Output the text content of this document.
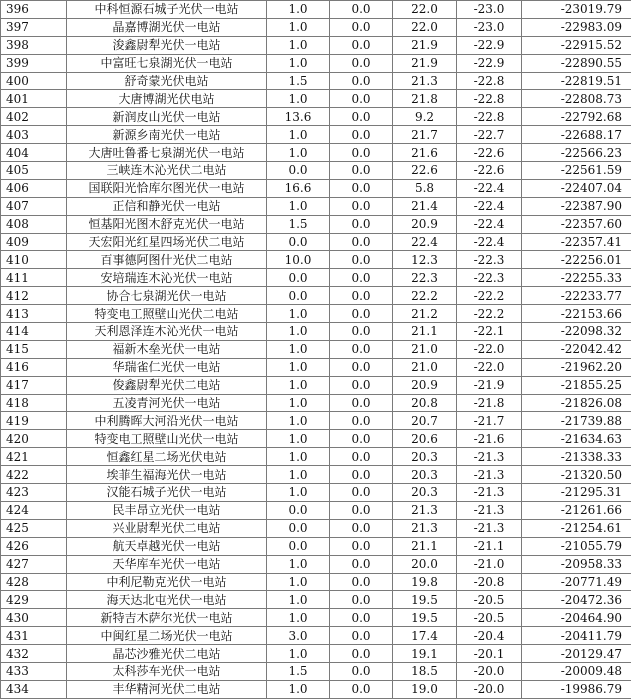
396	中科恒源石城子光伏一电站	1.0	0.0	22.0	-23.0	-23019.79
397	晶嘉博湖光伏一电站	1.0	0.0	22.0	-23.0	-22983.09
398	浚鑫尉犁光伏一电站	1.0	0.0	21.9	-22.9	-22915.52
399	中富旺七泉湖光伏一电站	1.0	0.0	21.9	-22.9	-22890.55
400	舒奇蒙光伏电站	1.5	0.0	21.3	-22.8	-22819.51
401	大唐博湖光伏电站	1.0	0.0	21.8	-22.8	-22808.73
402	新润皮山光伏一电站	13.6	0.0	9.2	-22.8	-22792.68
403	新源乡南光伏一电站	1.0	0.0	21.7	-22.7	-22688.17
404	大唐吐鲁番七泉湖光伏一电站	1.0	0.0	21.6	-22.6	-22566.23
405	三峡连木沁光伏二电站	0.0	0.0	22.6	-22.6	-22561.59
406	国联阳光恰库尔图光伏一电站	16.6	0.0	5.8	-22.4	-22407.04
407	正信和静光伏一电站	1.0	0.0	21.4	-22.4	-22387.90
408	恒基阳光图木舒克光伏一电站	1.5	0.0	20.9	-22.4	-22357.60
409	天宏阳光红星四场光伏二电站	0.0	0.0	22.4	-22.4	-22357.41
410	百事德阿图什光伏二电站	10.0	0.0	12.3	-22.3	-22256.01
411	安培瑞连木沁光伏一电站	0.0	0.0	22.3	-22.3	-22255.33
412	协合七泉湖光伏一电站	0.0	0.0	22.2	-22.2	-22233.77
413	特变电工照壁山光伏二电站	1.0	0.0	21.2	-22.2	-22153.66
414	天利恩泽连木沁光伏一电站	1.0	0.0	21.1	-22.1	-22098.32
415	福新木垒光伏一电站	1.0	0.0	21.0	-22.0	-22042.42
416	华瑞雀仁光伏一电站	1.0	0.0	21.0	-22.0	-21962.20
417	俊鑫尉犁光伏二电站	1.0	0.0	20.9	-21.9	-21855.25
418	五凌青河光伏一电站	1.0	0.0	20.8	-21.8	-21826.08
419	中利腾晖大河沿光伏一电站	1.0	0.0	20.7	-21.7	-21739.88
420	特变电工照壁山光伏一电站	1.0	0.0	20.6	-21.6	-21634.63
421	恒鑫红星二场光伏电站	1.0	0.0	20.3	-21.3	-21338.33
422	埃菲生福海光伏一电站	1.0	0.0	20.3	-21.3	-21320.50
423	汉能石城子光伏一电站	1.0	0.0	20.3	-21.3	-21295.31
424	民丰昂立光伏一电站	0.0	0.0	21.3	-21.3	-21261.66
425	兴业尉犁光伏二电站	0.0	0.0	21.3	-21.3	-21254.61
426	航天卓越光伏一电站	0.0	0.0	21.1	-21.1	-21055.79
427	天华库车光伏一电站	1.0	0.0	20.0	-21.0	-20958.33
428	中利尼勒克光伏一电站	1.0	0.0	19.8	-20.8	-20771.49
429	海天达北屯光伏一电站	1.0	0.0	19.5	-20.5	-20472.36
430	新特吉木萨尔光伏一电站	1.0	0.0	19.5	-20.5	-20464.90
431	中闽红星二场光伏一电站	3.0	0.0	17.4	-20.4	-20411.79
432	晶芯沙雅光伏二电站	1.0	0.0	19.1	-20.1	-20129.47
433	太科莎车光伏一电站	1.5	0.0	18.5	-20.0	-20009.48
434	丰华精河光伏二电站	1.0	0.0	19.0	-20.0	-19986.79
